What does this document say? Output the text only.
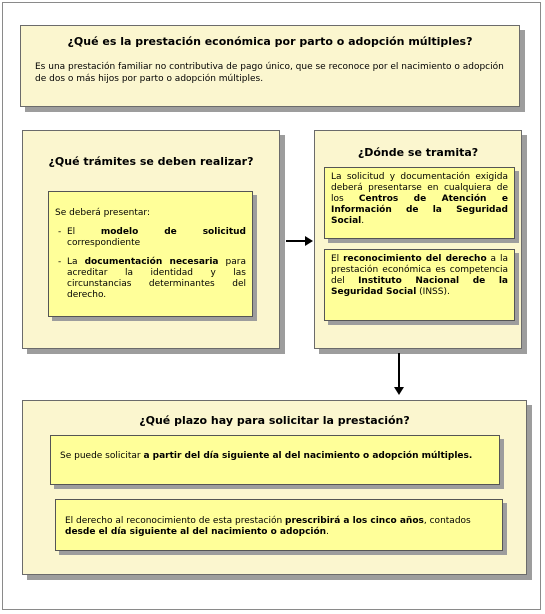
¿Qué es la prestación económica por parto o adopción múltiples?
Es una prestación familiar no contributiva de pago único, que se reconoce por el nacimiento o adopción de dos o más hijos por parto o adopción múltiples.
¿Qué trámites se deben realizar?
Se deberá presentar:
- El modelo de solicitud correspondiente
- La documentación necesaria para acreditar la identidad y las circunstancias determinantes del derecho.
¿Dónde se tramita?
La solicitud y documentación exigida deberá presentarse en cualquiera de los Centros de Atención e Información de la Seguridad Social.
El reconocimiento del derecho a la prestación económica es competencia del Instituto Nacional de la Seguridad Social (INSS).
¿Qué plazo hay para solicitar la prestación?
Se puede solicitar a partir del día siguiente al del nacimiento o adopción múltiples.
El derecho al reconocimiento de esta prestación prescribirá a los cinco años, contados desde el día siguiente al del nacimiento o adopción.
